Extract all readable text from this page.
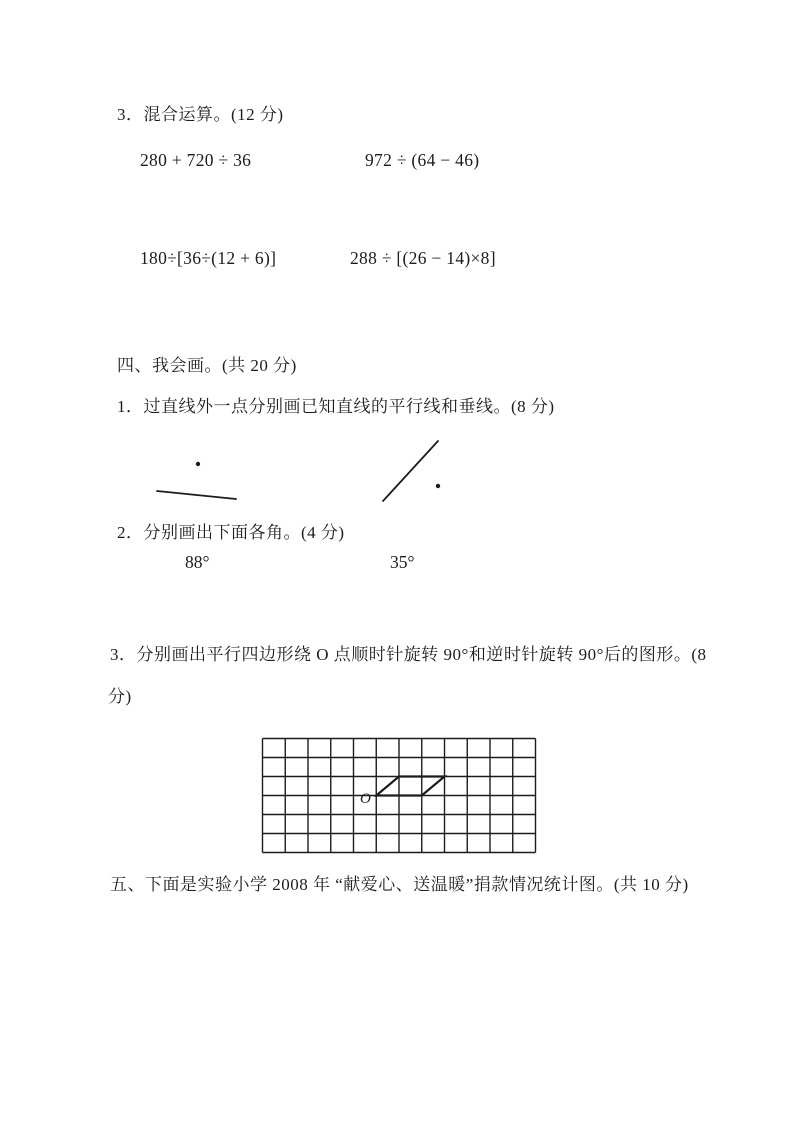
3．混合运算。(12 分)
280 + 720 ÷ 36	972 ÷ (64 − 46)
180÷[36÷(12 + 6)]	288 ÷ [(26 − 14)×8]
四、我会画。(共 20 分)
1．过直线外一点分别画已知直线的平行线和垂线。(8 分)
2．分别画出下面各角。(4 分)
88°	35°
3．分别画出平行四边形绕 O 点顺时针旋转 90°和逆时针旋转 90°后的图形。(8
分)
O
五、下面是实验小学 2008 年 “献爱心、送温暖”捐款情况统计图。(共 10 分)
